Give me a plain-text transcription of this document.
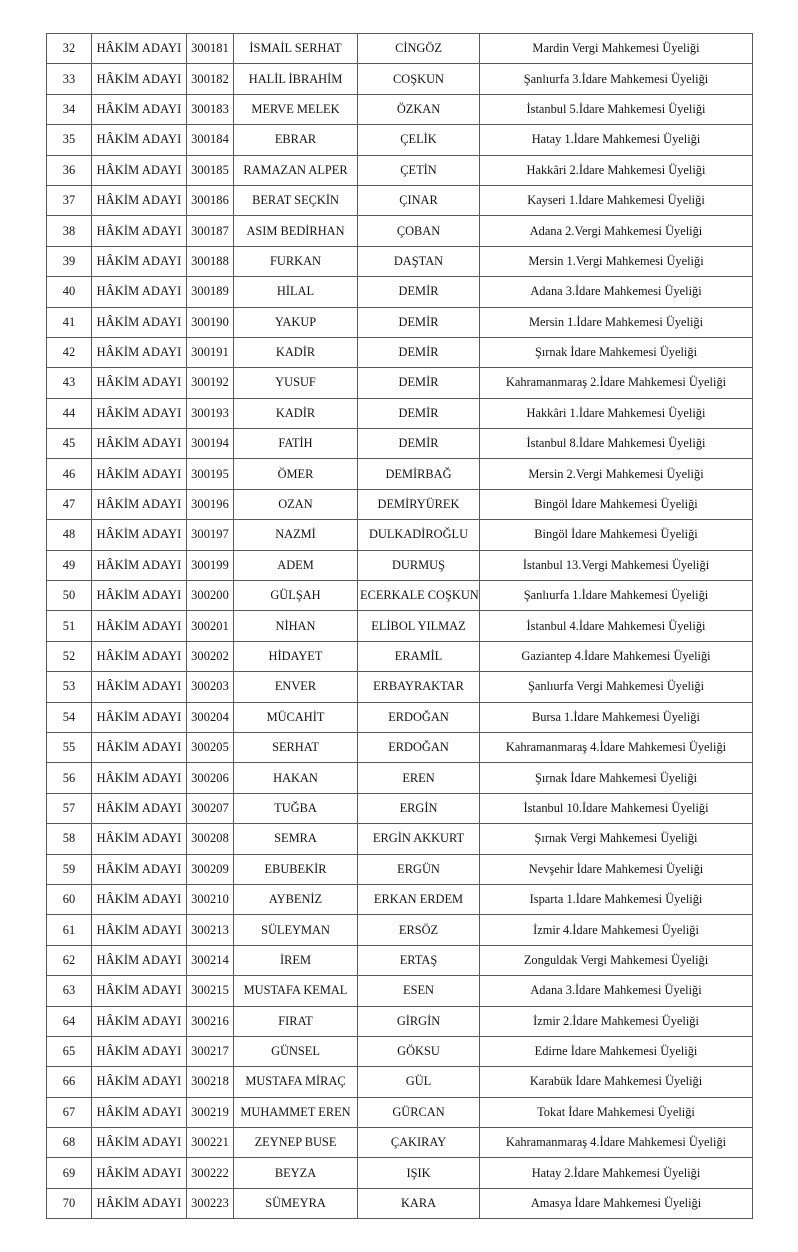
32	HÂKİM ADAYI	300181	İSMAİL SERHAT	CİNGÖZ	Mardin Vergi Mahkemesi Üyeliği
33	HÂKİM ADAYI	300182	HALİL İBRAHİM	COŞKUN	Şanlıurfa 3.İdare Mahkemesi Üyeliği
34	HÂKİM ADAYI	300183	MERVE MELEK	ÖZKAN	İstanbul 5.İdare Mahkemesi Üyeliği
35	HÂKİM ADAYI	300184	EBRAR	ÇELİK	Hatay 1.İdare Mahkemesi Üyeliği
36	HÂKİM ADAYI	300185	RAMAZAN ALPER	ÇETİN	Hakkâri 2.İdare Mahkemesi Üyeliği
37	HÂKİM ADAYI	300186	BERAT SEÇKİN	ÇINAR	Kayseri 1.İdare Mahkemesi Üyeliği
38	HÂKİM ADAYI	300187	ASIM BEDİRHAN	ÇOBAN	Adana 2.Vergi Mahkemesi Üyeliği
39	HÂKİM ADAYI	300188	FURKAN	DAŞTAN	Mersin 1.Vergi Mahkemesi Üyeliği
40	HÂKİM ADAYI	300189	HİLAL	DEMİR	Adana 3.İdare Mahkemesi Üyeliği
41	HÂKİM ADAYI	300190	YAKUP	DEMİR	Mersin 1.İdare Mahkemesi Üyeliği
42	HÂKİM ADAYI	300191	KADİR	DEMİR	Şırnak İdare Mahkemesi Üyeliği
43	HÂKİM ADAYI	300192	YUSUF	DEMİR	Kahramanmaraş 2.İdare Mahkemesi Üyeliği
44	HÂKİM ADAYI	300193	KADİR	DEMİR	Hakkâri 1.İdare Mahkemesi Üyeliği
45	HÂKİM ADAYI	300194	FATİH	DEMİR	İstanbul 8.İdare Mahkemesi Üyeliği
46	HÂKİM ADAYI	300195	ÖMER	DEMİRBAĞ	Mersin 2.Vergi Mahkemesi Üyeliği
47	HÂKİM ADAYI	300196	OZAN	DEMİRYÜREK	Bingöl İdare Mahkemesi Üyeliği
48	HÂKİM ADAYI	300197	NAZMİ	DULKADİROĞLU	Bingöl İdare Mahkemesi Üyeliği
49	HÂKİM ADAYI	300199	ADEM	DURMUŞ	İstanbul 13.Vergi Mahkemesi Üyeliği
50	HÂKİM ADAYI	300200	GÜLŞAH	ECERKALE COŞKUN	Şanlıurfa 1.İdare Mahkemesi Üyeliği
51	HÂKİM ADAYI	300201	NİHAN	ELİBOL YILMAZ	İstanbul 4.İdare Mahkemesi Üyeliği
52	HÂKİM ADAYI	300202	HİDAYET	ERAMİL	Gaziantep 4.İdare Mahkemesi Üyeliği
53	HÂKİM ADAYI	300203	ENVER	ERBAYRAKTAR	Şanlıurfa Vergi Mahkemesi Üyeliği
54	HÂKİM ADAYI	300204	MÜCAHİT	ERDOĞAN	Bursa 1.İdare Mahkemesi Üyeliği
55	HÂKİM ADAYI	300205	SERHAT	ERDOĞAN	Kahramanmaraş 4.İdare Mahkemesi Üyeliği
56	HÂKİM ADAYI	300206	HAKAN	EREN	Şırnak İdare Mahkemesi Üyeliği
57	HÂKİM ADAYI	300207	TUĞBA	ERGİN	İstanbul 10.İdare Mahkemesi Üyeliği
58	HÂKİM ADAYI	300208	SEMRA	ERGİN AKKURT	Şırnak Vergi Mahkemesi Üyeliği
59	HÂKİM ADAYI	300209	EBUBEKİR	ERGÜN	Nevşehir İdare Mahkemesi Üyeliği
60	HÂKİM ADAYI	300210	AYBENİZ	ERKAN ERDEM	Isparta 1.İdare Mahkemesi Üyeliği
61	HÂKİM ADAYI	300213	SÜLEYMAN	ERSÖZ	İzmir 4.İdare Mahkemesi Üyeliği
62	HÂKİM ADAYI	300214	İREM	ERTAŞ	Zonguldak Vergi Mahkemesi Üyeliği
63	HÂKİM ADAYI	300215	MUSTAFA KEMAL	ESEN	Adana 3.İdare Mahkemesi Üyeliği
64	HÂKİM ADAYI	300216	FIRAT	GİRGİN	İzmir 2.İdare Mahkemesi Üyeliği
65	HÂKİM ADAYI	300217	GÜNSEL	GÖKSU	Edirne İdare Mahkemesi Üyeliği
66	HÂKİM ADAYI	300218	MUSTAFA MİRAÇ	GÜL	Karabük İdare Mahkemesi Üyeliği
67	HÂKİM ADAYI	300219	MUHAMMET EREN	GÜRCAN	Tokat İdare Mahkemesi Üyeliği
68	HÂKİM ADAYI	300221	ZEYNEP BUSE	ÇAKIRAY	Kahramanmaraş 4.İdare Mahkemesi Üyeliği
69	HÂKİM ADAYI	300222	BEYZA	IŞIK	Hatay 2.İdare Mahkemesi Üyeliği
70	HÂKİM ADAYI	300223	SÜMEYRA	KARA	Amasya İdare Mahkemesi Üyeliği
